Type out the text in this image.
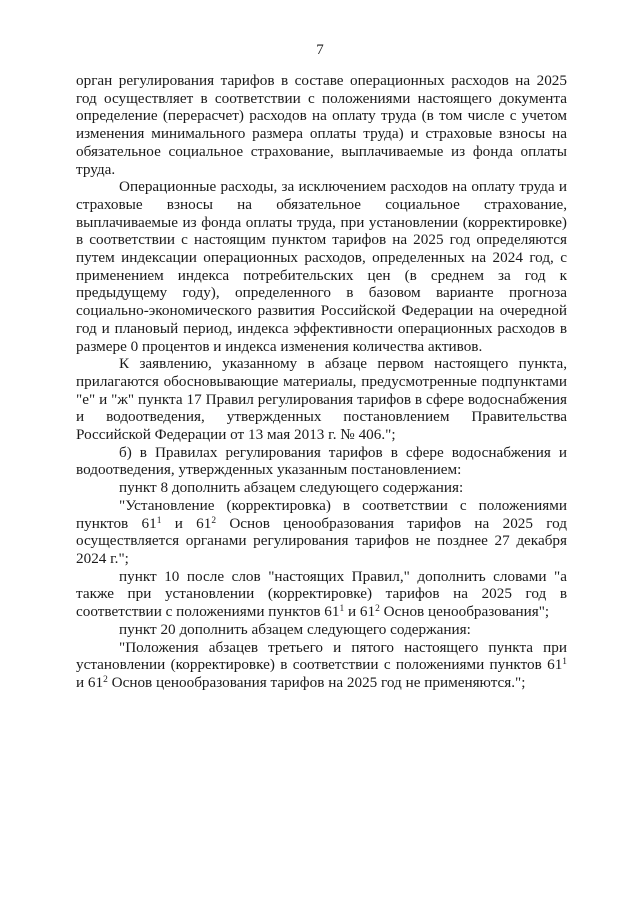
7

орган регулирования тарифов в составе операционных расходов на 2025 год осуществляет в соответствии с положениями настоящего документа определение (перерасчет) расходов на оплату труда (в том числе с учетом изменения минимального размера оплаты труда) и страховые взносы на обязательное социальное страхование, выплачиваемые из фонда оплаты труда.

Операционные расходы, за исключением расходов на оплату труда и страховые взносы на обязательное социальное страхование, выплачиваемые из фонда оплаты труда, при установлении (корректировке) в соответствии с настоящим пунктом тарифов на 2025 год определяются путем индексации операционных расходов, определенных на 2024 год, с применением индекса потребительских цен (в среднем за год к предыдущему году), определенного в базовом варианте прогноза социально-экономического развития Российской Федерации на очередной год и плановый период, индекса эффективности операционных расходов в размере 0 процентов и индекса изменения количества активов.

К заявлению, указанному в абзаце первом настоящего пункта, прилагаются обосновывающие материалы, предусмотренные подпунктами "е" и "ж" пункта 17 Правил регулирования тарифов в сфере водоснабжения и водоотведения, утвержденных постановлением Правительства Российской Федерации от 13 мая 2013 г. № 406.";

б) в Правилах регулирования тарифов в сфере водоснабжения и водоотведения, утвержденных указанным постановлением:

пункт 8 дополнить абзацем следующего содержания:

"Установление (корректировка) в соответствии с положениями пунктов $61^1$ и $61^2$ Основ ценообразования тарифов на 2025 год осуществляется органами регулирования тарифов не позднее 27 декабря 2024 г.";

пункт 10 после слов "настоящих Правил," дополнить словами "а также при установлении (корректировке) тарифов на 2025 год в соответствии с положениями пунктов $61^1$ и $61^2$ Основ ценообразования";

пункт 20 дополнить абзацем следующего содержания:

"Положения абзацев третьего и пятого настоящего пункта при установлении (корректировке) в соответствии с положениями пунктов $61^1$ и $61^2$ Основ ценообразования тарифов на 2025 год не применяются.";
